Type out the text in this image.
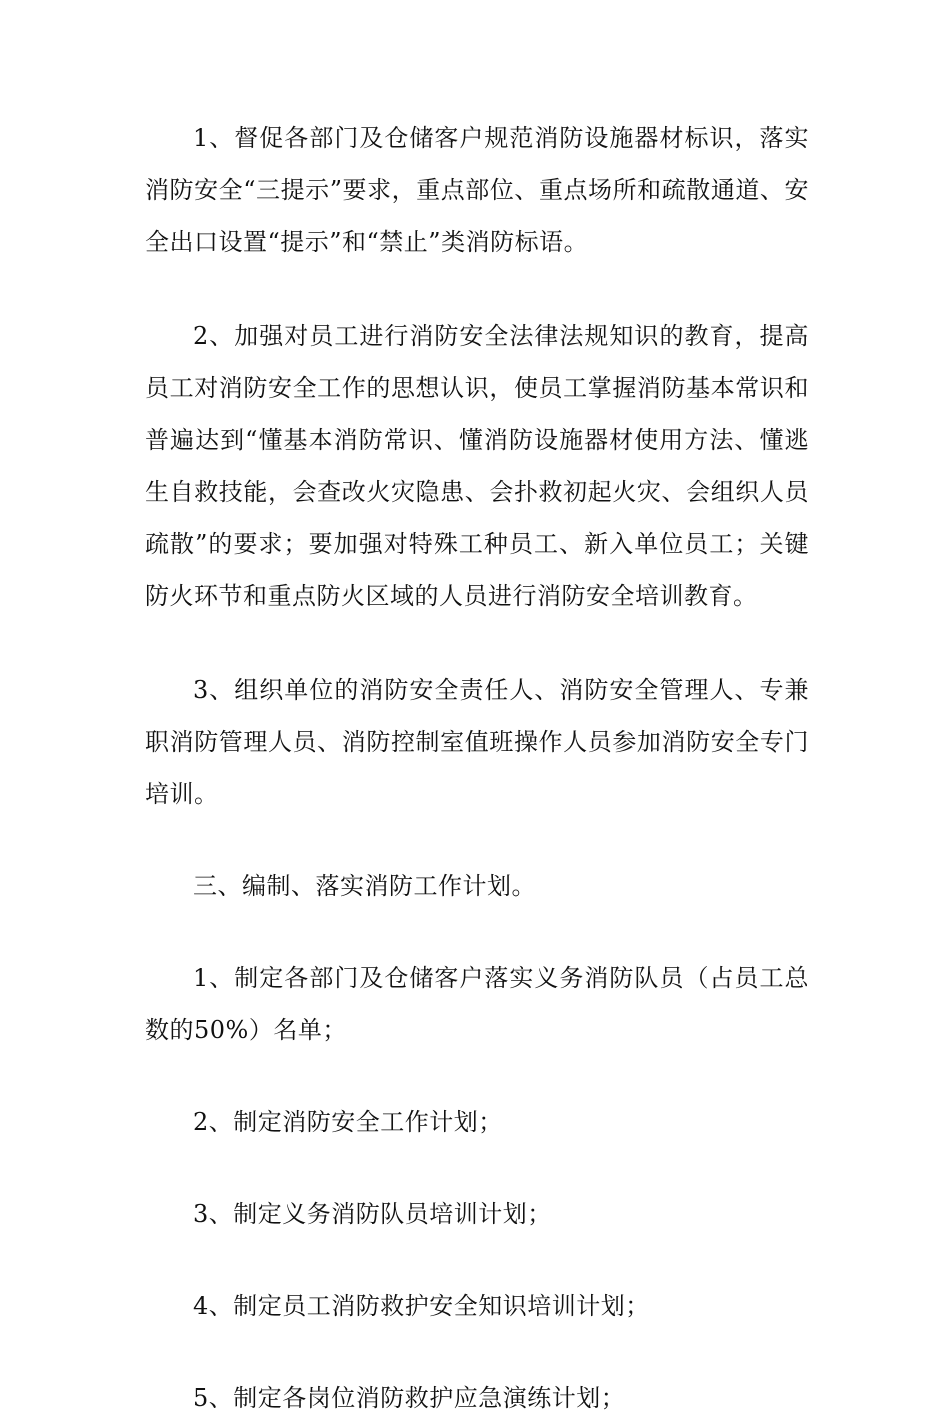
1、督促各部门及仓储客户规范消防设施器材标识，落实消防安全“三提示”要求，重点部位、重点场所和疏散通道、安全出口设置“提示”和“禁止”类消防标语。

2、加强对员工进行消防安全法律法规知识的教育，提高员工对消防安全工作的思想认识，使员工掌握消防基本常识和普遍达到“懂基本消防常识、懂消防设施器材使用方法、懂逃生自救技能，会查改火灾隐患、会扑救初起火灾、会组织人员疏散”的要求；要加强对特殊工种员工、新入单位员工；关键防火环节和重点防火区域的人员进行消防安全培训教育。

3、组织单位的消防安全责任人、消防安全管理人、专兼职消防管理人员、消防控制室值班操作人员参加消防安全专门培训。

三、编制、落实消防工作计划。

1、制定各部门及仓储客户落实义务消防队员（占员工总数的50%）名单；

2、制定消防安全工作计划；

3、制定义务消防队员培训计划；

4、制定员工消防救护安全知识培训计划；

5、制定各岗位消防救护应急演练计划；
